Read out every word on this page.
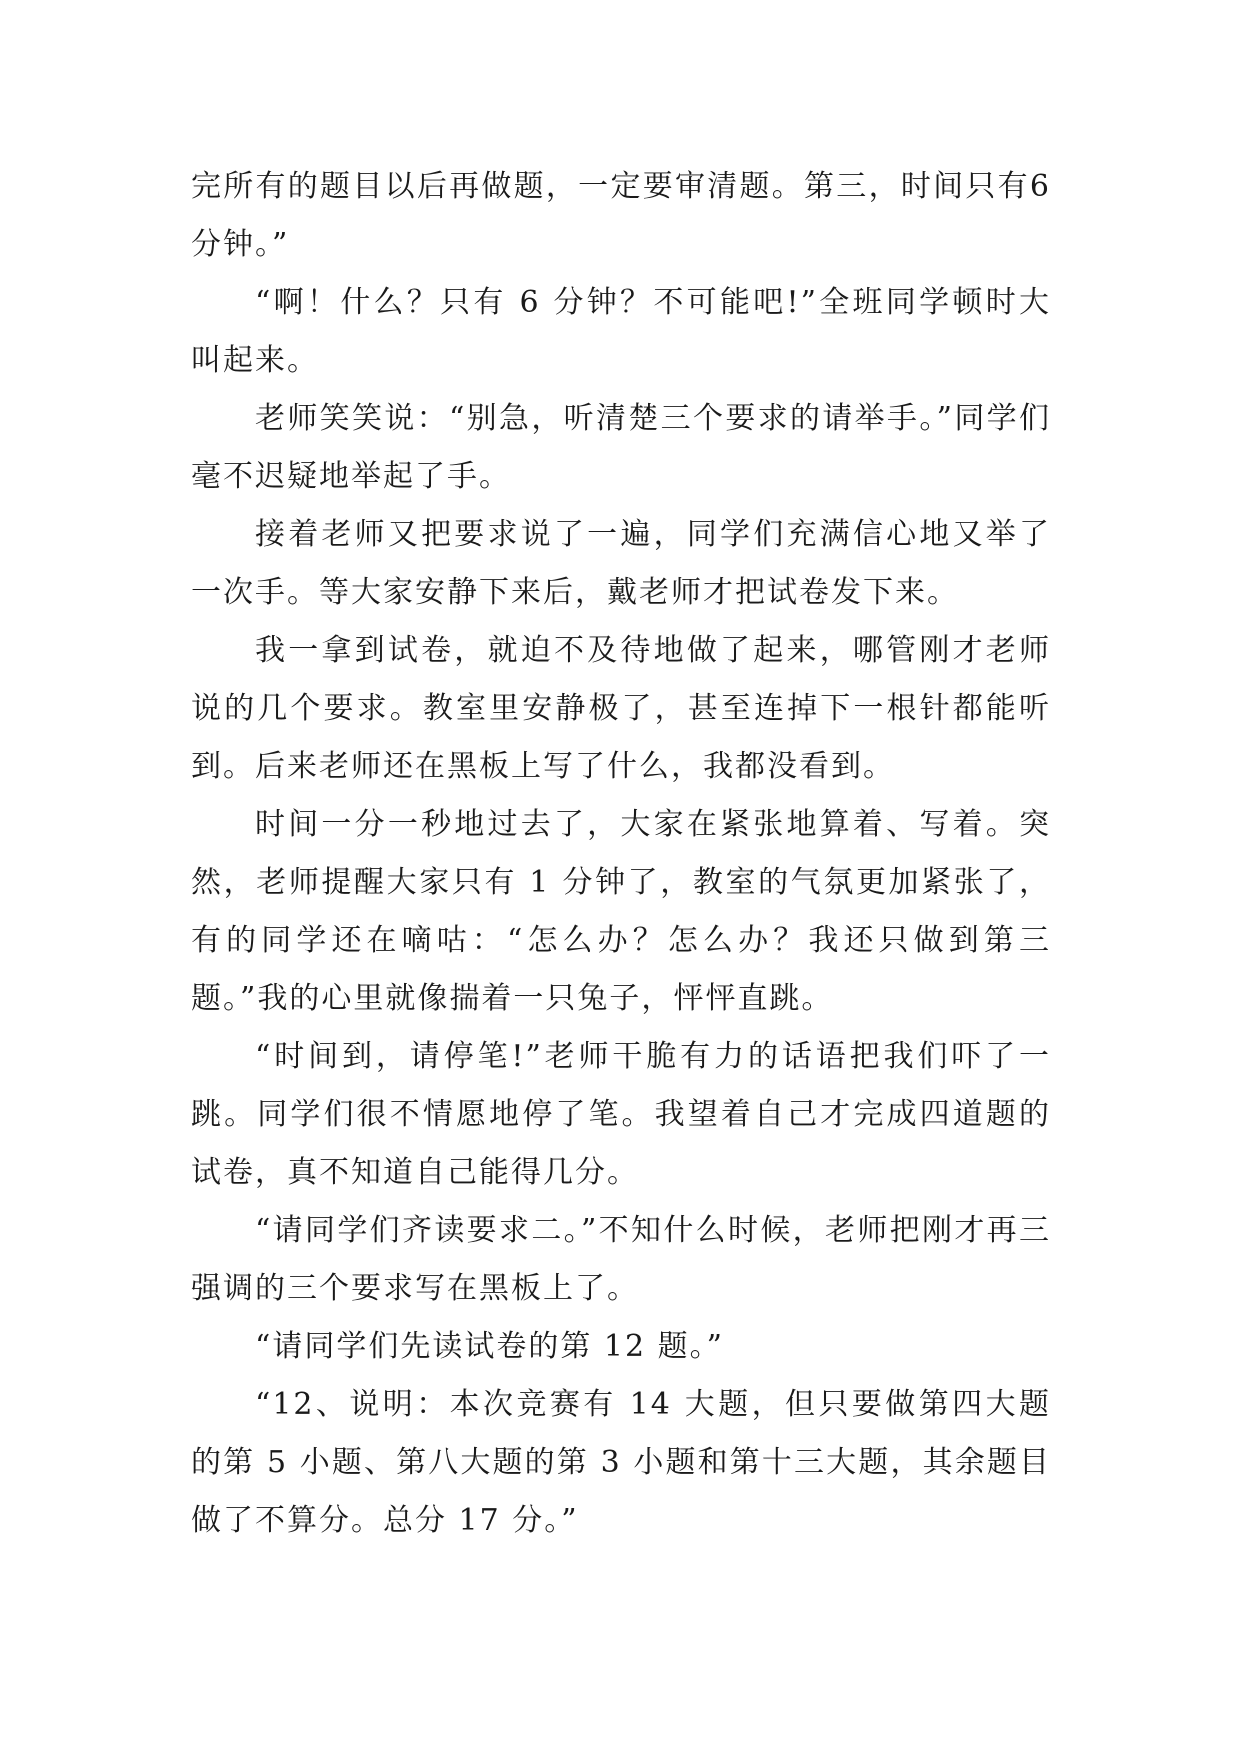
完所有的题目以后再做题，一定要审清题。第三，时间只有6 分钟。”

“啊！什么？只有 6 分钟？不可能吧!”全班同学顿时大叫起来。

老师笑笑说：“别急，听清楚三个要求的请举手。”同学们毫不迟疑地举起了手。

接着老师又把要求说了一遍，同学们充满信心地又举了一次手。等大家安静下来后，戴老师才把试卷发下来。

我一拿到试卷，就迫不及待地做了起来，哪管刚才老师说的几个要求。教室里安静极了，甚至连掉下一根针都能听到。后来老师还在黑板上写了什么，我都没看到。

时间一分一秒地过去了，大家在紧张地算着、写着。突然，老师提醒大家只有 1 分钟了，教室的气氛更加紧张了，有的同学还在嘀咕：“怎么办？怎么办？我还只做到第三题。”我的心里就像揣着一只兔子，怦怦直跳。

“时间到，请停笔!”老师干脆有力的话语把我们吓了一跳。同学们很不情愿地停了笔。我望着自己才完成四道题的试卷，真不知道自己能得几分。

“请同学们齐读要求二。”不知什么时候，老师把刚才再三强调的三个要求写在黑板上了。

“请同学们先读试卷的第 12 题。”

“12、说明：本次竞赛有 14 大题，但只要做第四大题的第 5 小题、第八大题的第 3 小题和第十三大题，其余题目做了不算分。总分 17 分。”
